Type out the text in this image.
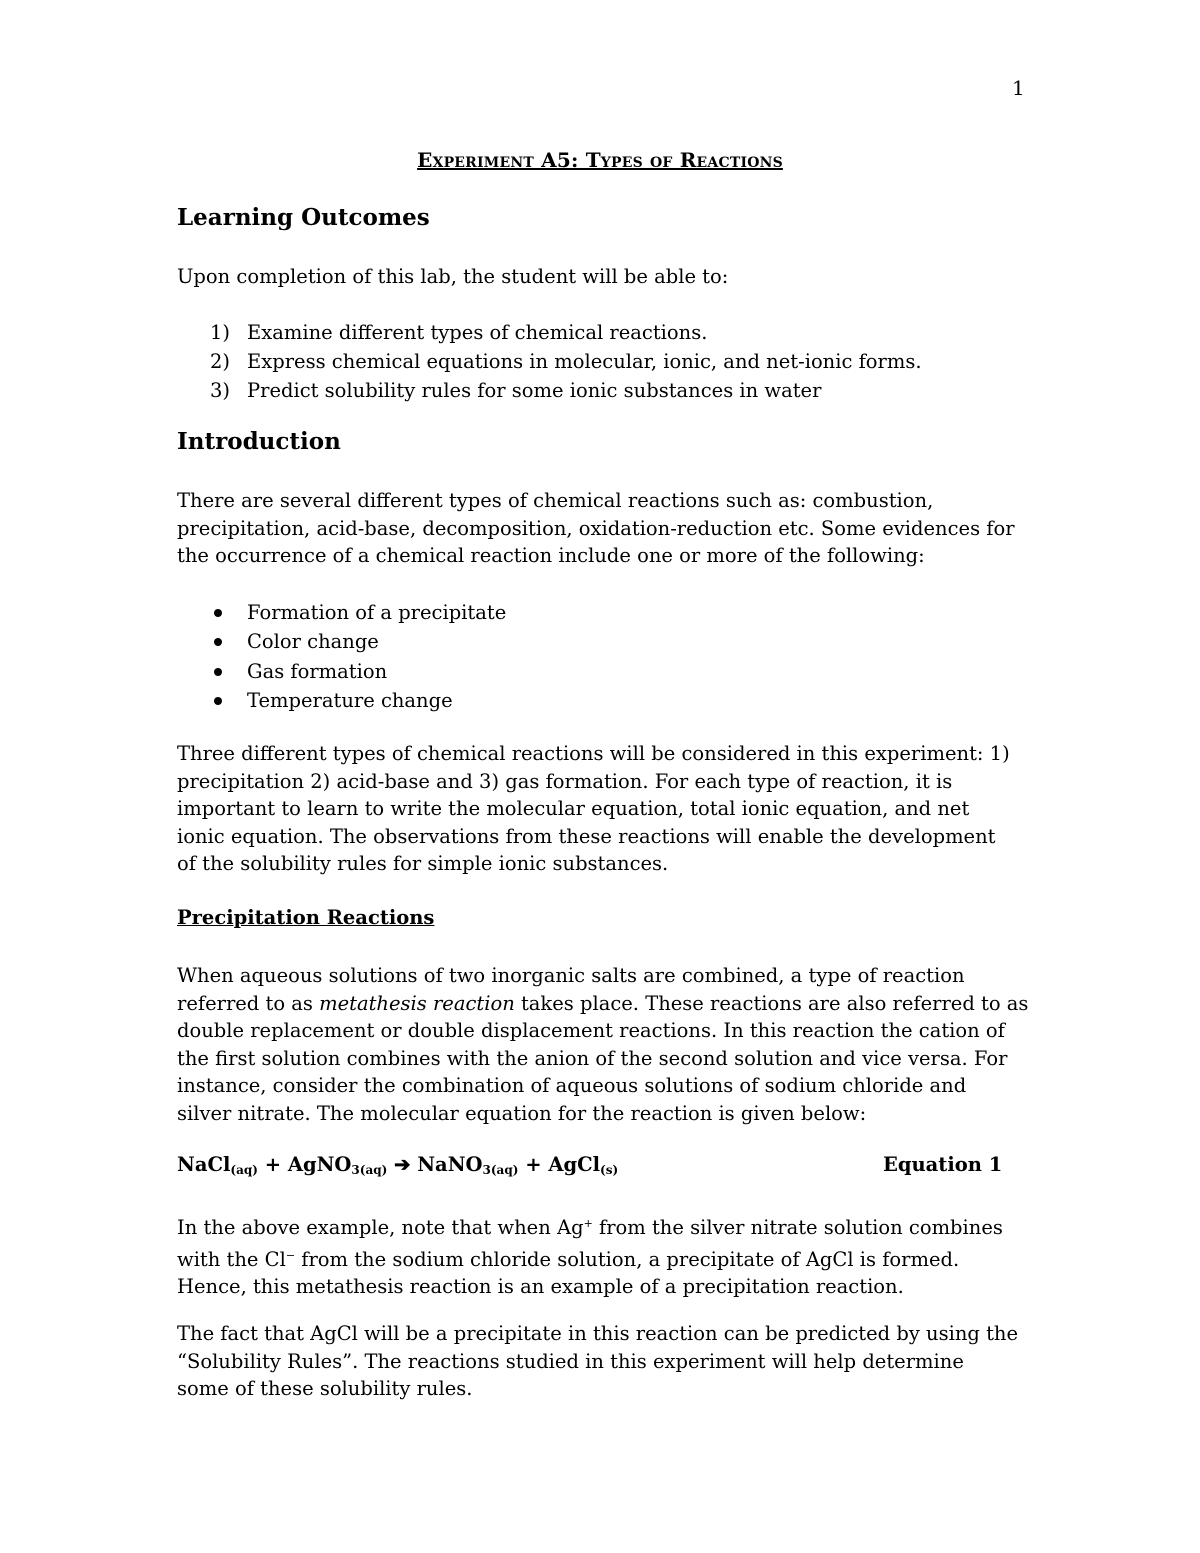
1
Experiment A5: Types of Reactions
Learning Outcomes

Upon completion of this lab, the student will be able to:

1) Examine different types of chemical reactions.
2) Express chemical equations in molecular, ionic, and net-ionic forms.
3) Predict solubility rules for some ionic substances in water
Introduction

There are several different types of chemical reactions such as: combustion,
precipitation, acid-base, decomposition, oxidation-reduction etc. Some evidences for
the occurrence of a chemical reaction include one or more of the following:

Formation of a precipitate
Color change
Gas formation
Temperature change

Three different types of chemical reactions will be considered in this experiment: 1)
precipitation 2) acid-base and 3) gas formation. For each type of reaction, it is
important to learn to write the molecular equation, total ionic equation, and net
ionic equation. The observations from these reactions will enable the development
of the solubility rules for simple ionic substances.

Precipitation Reactions

When aqueous solutions of two inorganic salts are combined, a type of reaction
referred to as metathesis reaction takes place. These reactions are also referred to as
double replacement or double displacement reactions. In this reaction the cation of
the first solution combines with the anion of the second solution and vice versa. For
instance, consider the combination of aqueous solutions of sodium chloride and
silver nitrate. The molecular equation for the reaction is given below:

NaCl$_{(aq)}$ + AgNO$_{3(aq)}$ ➔ NaNO$_{3(aq)}$ + AgCl$_{(s)}$	Equation 1

In the above example, note that when Ag+ from the silver nitrate solution combines
with the Cl− from the sodium chloride solution, a precipitate of AgCl is formed.
Hence, this metathesis reaction is an example of a precipitation reaction.

The fact that AgCl will be a precipitate in this reaction can be predicted by using the
“Solubility Rules”. The reactions studied in this experiment will help determine
some of these solubility rules.
